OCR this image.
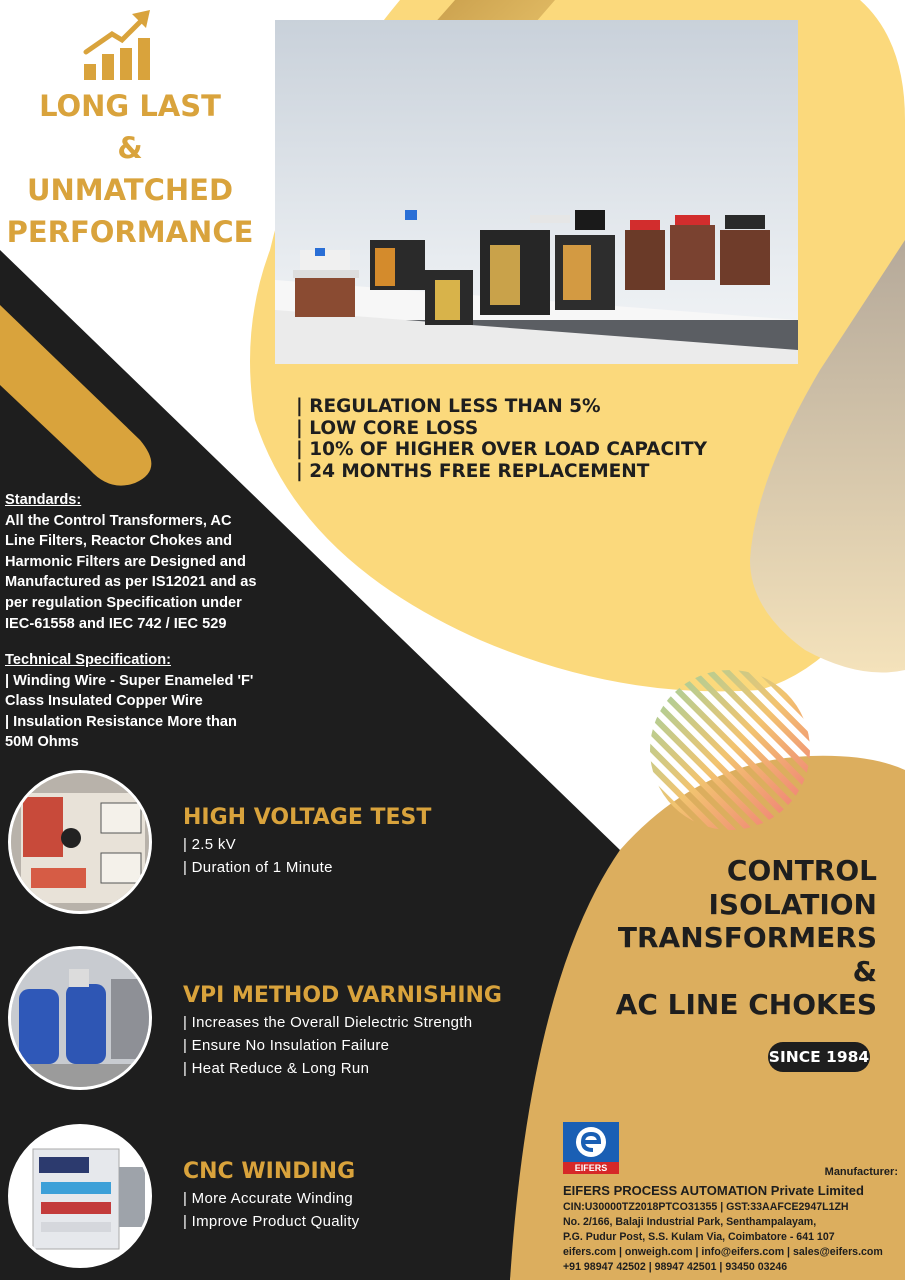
LONG LAST
&
UNMATCHED
PERFORMANCE
| REGULATION LESS THAN 5%
| LOW CORE LOSS
| 10% OF HIGHER OVER LOAD CAPACITY
| 24 MONTHS FREE REPLACEMENT
Standards:
All the Control Transformers, AC
Line Filters, Reactor Chokes and
Harmonic Filters are Designed and
Manufactured as per IS12021 and as
per regulation Specification under
IEC-61558 and IEC 742 / IEC 529
Technical Specification:
| Winding Wire - Super Enameled 'F'
Class Insulated Copper Wire
| Insulation Resistance More than
50M Ohms
HIGH VOLTAGE TEST
| 2.5 kV
| Duration of 1 Minute
VPI METHOD VARNISHING
| Increases the Overall Dielectric Strength
| Ensure No Insulation Failure
| Heat Reduce & Long Run
CNC WINDING
| More Accurate Winding
| Improve Product Quality
CONTROL
ISOLATION
TRANSFORMERS
&
AC LINE CHOKES
SINCE 1984
EIFERS	Manufacturer:
EIFERS PROCESS AUTOMATION Private Limited
CIN:U30000TZ2018PTCO31355 | GST:33AAFCE2947L1ZH
No. 2/166, Balaji Industrial Park, Senthampalayam,
P.G. Pudur Post, S.S. Kulam Via, Coimbatore - 641 107
eifers.com | onweigh.com | info@eifers.com | sales@eifers.com
+91 98947 42502 | 98947 42501 | 93450 03246
